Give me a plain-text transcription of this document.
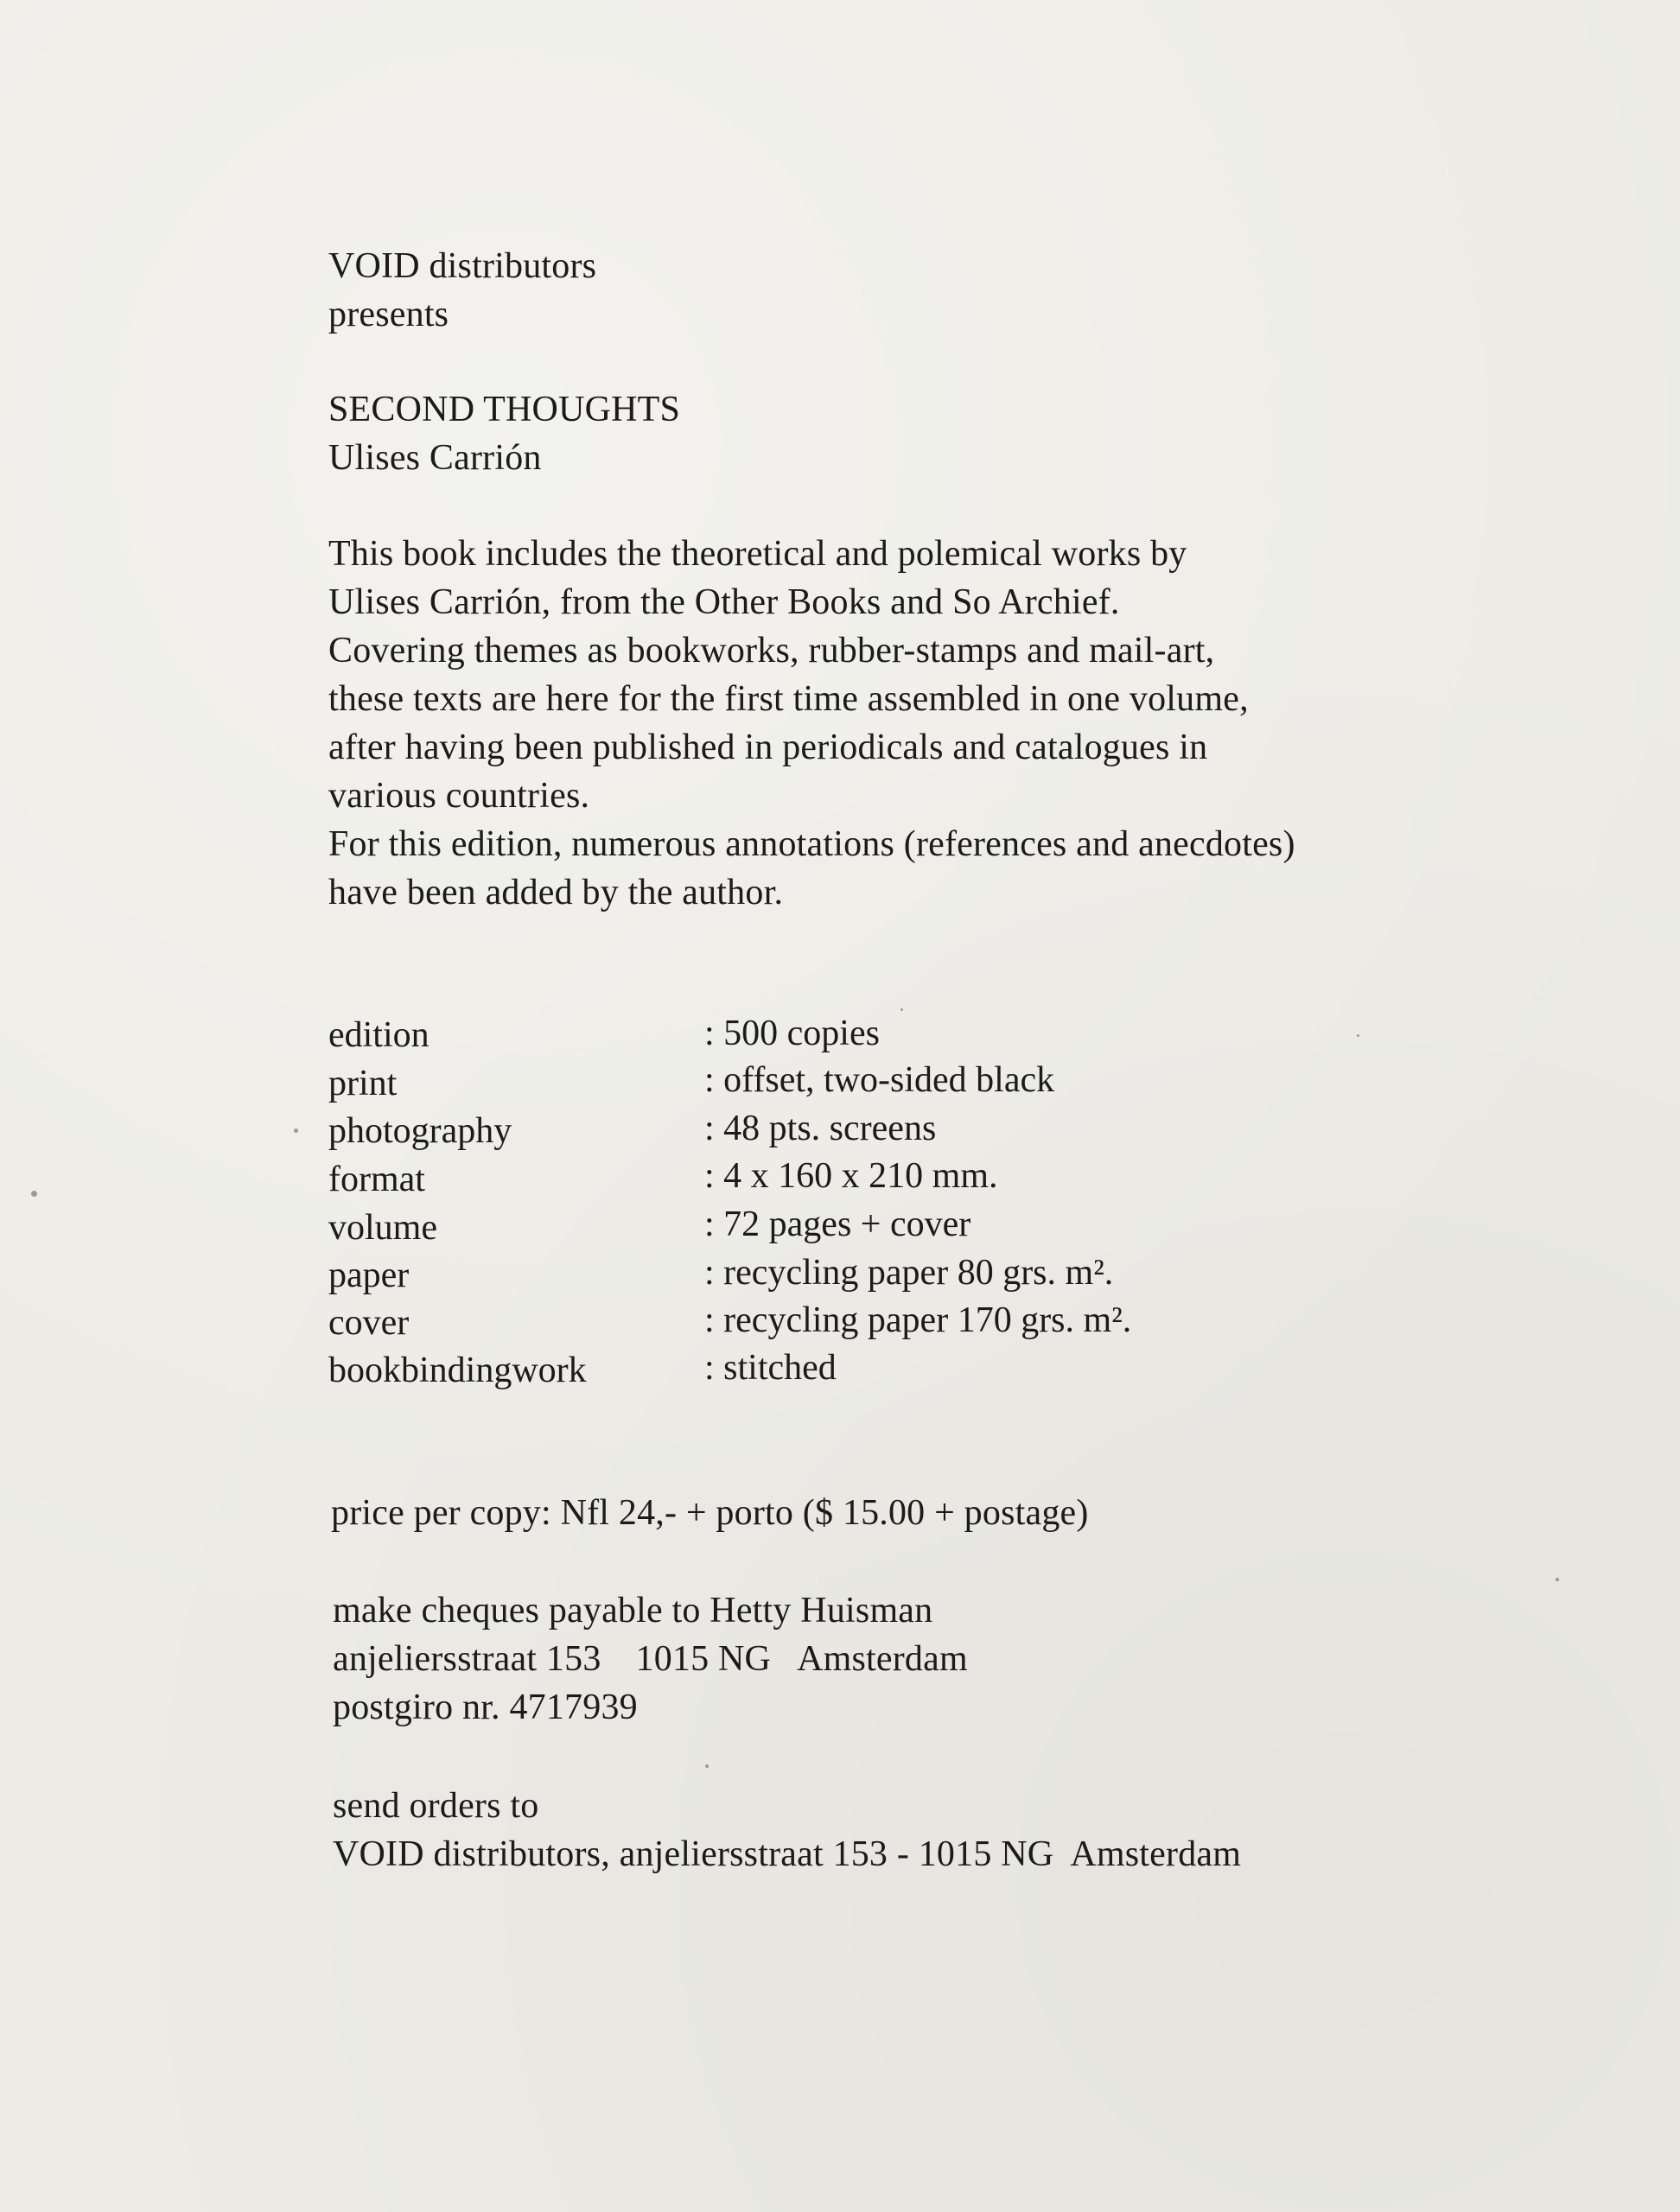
VOID distributors
presents
SECOND THOUGHTS
Ulises Carrión
This book includes the theoretical and polemical works by
Ulises Carrión, from the Other Books and So Archief.
Covering themes as bookworks, rubber-stamps and mail-art,
these texts are here for the first time assembled in one volume,
after having been published in periodicals and catalogues in
various countries.
For this edition, numerous annotations (references and anecdotes)
have been added by the author.
edition	: 500 copies
print	: offset, two-sided black
photography	: 48 pts. screens
format	: 4 x 160 x 210 mm.
volume	: 72 pages + cover
paper	: recycling paper 80 grs. m².
cover	: recycling paper 170 grs. m².
bookbindingwork	: stitched
price per copy: Nfl 24,- + porto ($ 15.00 + postage)
make cheques payable to Hetty Huisman
anjeliersstraat 153 1015 NG Amsterdam
postgiro nr. 4717939
send orders to
VOID distributors, anjeliersstraat 153 - 1015 NG  Amsterdam
